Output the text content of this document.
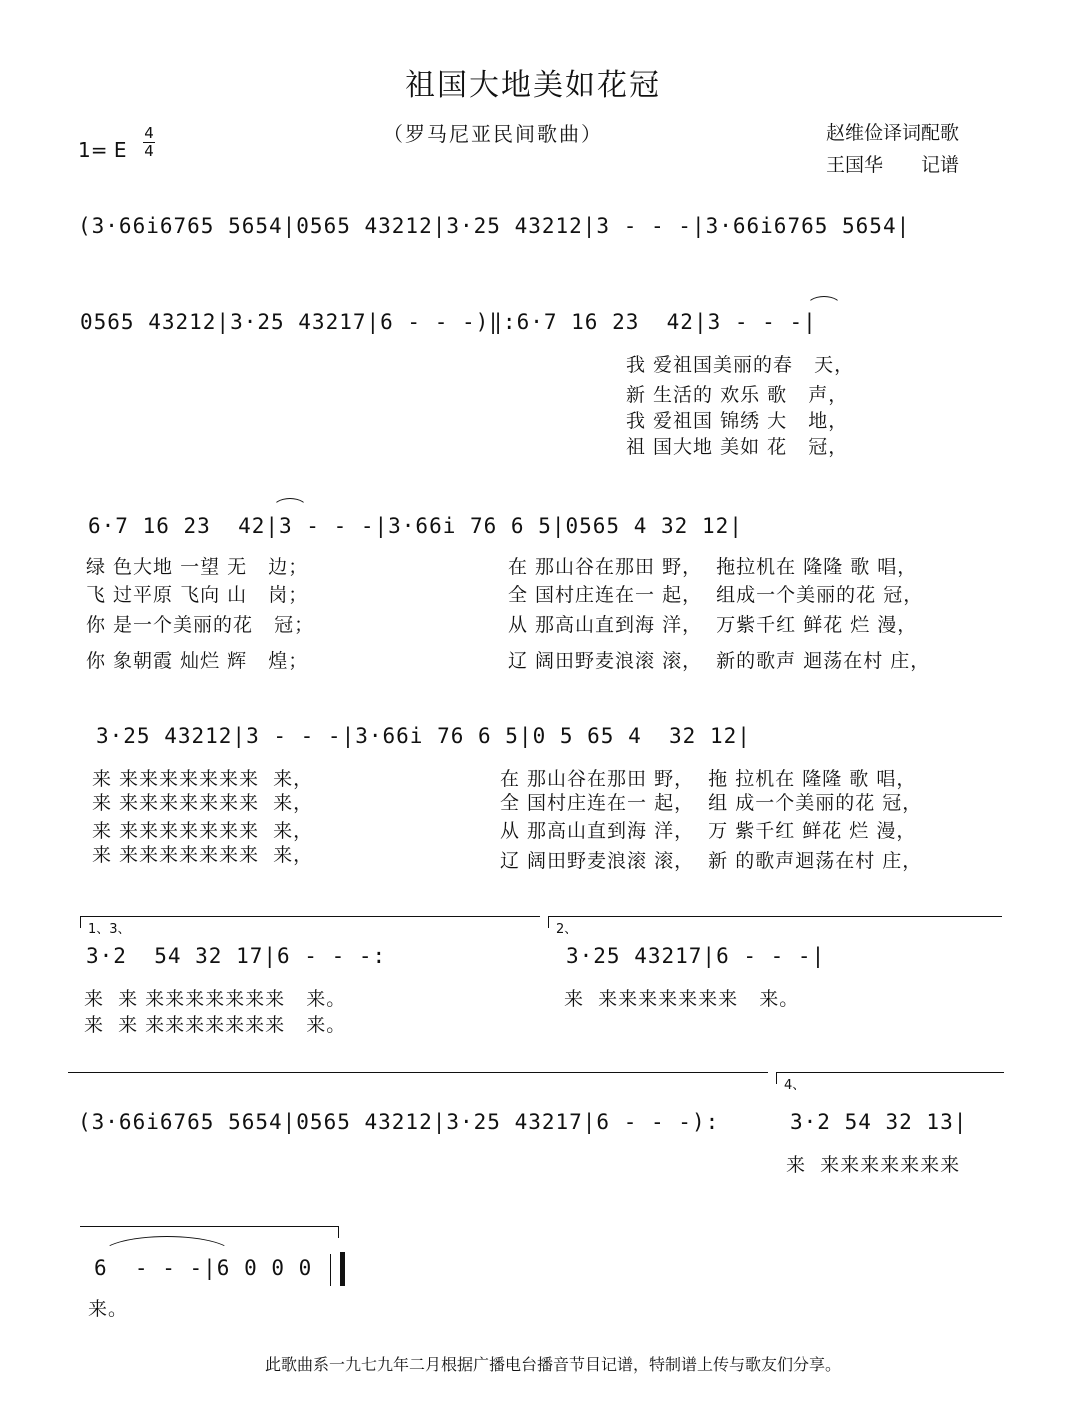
祖国大地美如花冠
（罗马尼亚民间歌曲）	赵维俭译词配歌
王国华　　记谱
1= E
4
4
(3·66i6765 5654|0565 43212|3·25 43212|3 - - -|3·66i6765 5654|
0565 43212|3·25 43217|6 - - -)‖:6·7 16 23  42|3 - - -|
我 爱祖国美丽的春   天，
新 生活的 欢乐 歌   声，
我 爱祖国 锦绣 大   地，
祖 国大地 美如 花   冠，
6·7 16 23  42|3 - - -|3·66i 76 6 5|0565 4 32 12|
绿 色大地 一望 无   边；
飞 过平原 飞向 山   岗；
你 是一个美丽的花   冠；
你 象朝霞 灿烂 辉   煌；
在 那山谷在那田 野，  拖拉机在 隆隆 歌 唱，
全 国村庄连在一 起，  组成一个美丽的花 冠，
从 那高山直到海 洋，  万紫千红 鲜花 烂 漫，
辽 阔田野麦浪滚 滚，  新的歌声 迴荡在村 庄，
3·25 43212|3 - - -|3·66i 76 6 5|0 5 65 4  32 12|
来 来来来来来来来  来，
来 来来来来来来来  来，
来 来来来来来来来  来，
来 来来来来来来来  来，
在 那山谷在那田 野，  拖 拉机在 隆隆 歌 唱，
全 国村庄连在一 起，  组 成一个美丽的花 冠，
从 那高山直到海 洋，  万 紫千红 鲜花 烂 漫，
辽 阔田野麦浪滚 滚，  新 的歌声迴荡在村 庄，
1、3、	2、
3·2  54 32 17|6 - - -:	3·25 43217|6 - - -|
来  来 来来来来来来来   来。
来  来 来来来来来来来   来。
来  来来来来来来来   来。
4、
(3·66i6765 5654|0565 43212|3·25 43217|6 - - -):	3·2 54 32 13|
来  来来来来来来来
6  - - -|6 0 0 0
来。
此歌曲系一九七九年二月根据广播电台播音节目记谱，特制谱上传与歌友们分享。
